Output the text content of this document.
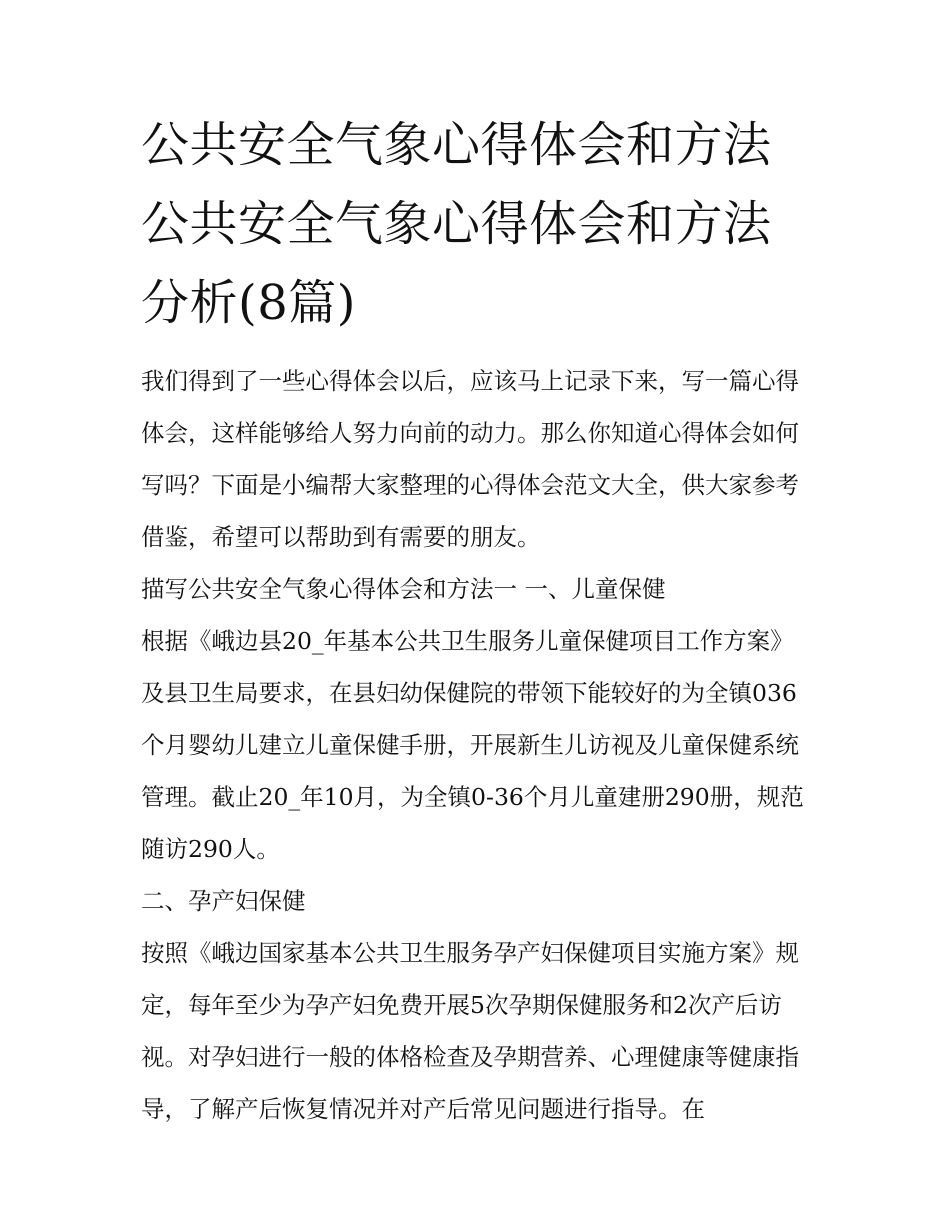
公共安全气象心得体会和方法 公共安全气象心得体会和方法分析(8篇)

我们得到了一些心得体会以后，应该马上记录下来，写一篇心得体会，这样能够给人努力向前的动力。那么你知道心得体会如何写吗？下面是小编帮大家整理的心得体会范文大全，供大家参考借鉴，希望可以帮助到有需要的朋友。

描写公共安全气象心得体会和方法一 一、儿童保健

根据《峨边县20_年基本公共卫生服务儿童保健项目工作方案》及县卫生局要求，在县妇幼保健院的带领下能较好的为全镇036个月婴幼儿建立儿童保健手册，开展新生儿访视及儿童保健系统管理。截止20_年10月，为全镇0-36个月儿童建册290册，规范随访290人。

二、孕产妇保健

按照《峨边国家基本公共卫生服务孕产妇保健项目实施方案》规定，每年至少为孕产妇免费开展5次孕期保健服务和2次产后访视。对孕妇进行一般的体格检查及孕期营养、心理健康等健康指导，了解产后恢复情况并对产后常见问题进行指导。在
